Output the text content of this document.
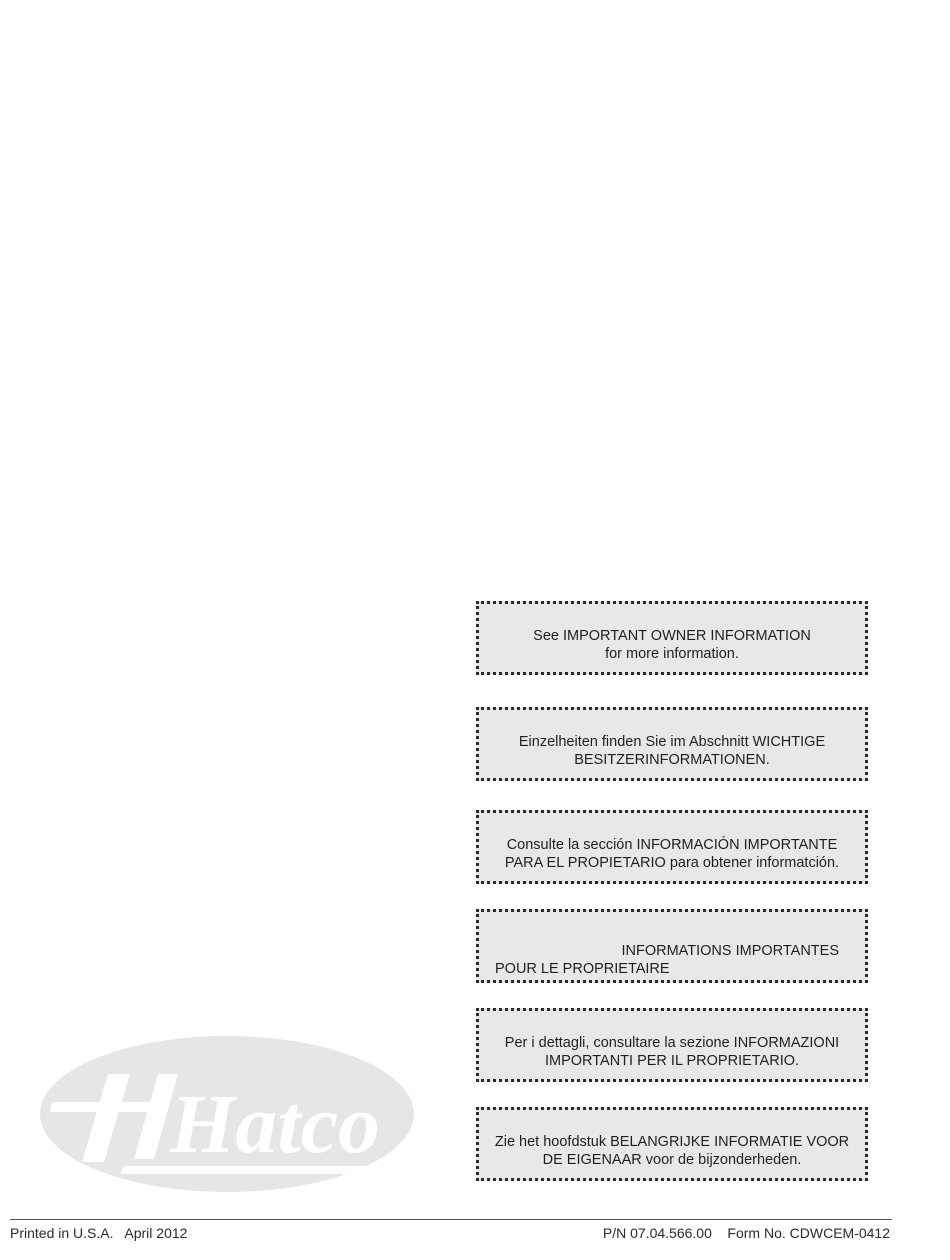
See IMPORTANT OWNER INFORMATION
for more information.
Einzelheiten finden Sie im Abschnitt WICHTIGE
BESITZERINFORMATIONEN.
Consulte la sección INFORMACIÓN IMPORTANTE
PARA EL PROPIETARIO para obtener informatción.
INFORMATIONS IMPORTANTES
POUR LE PROPRIETAIRE
Per i dettagli, consultare la sezione INFORMAZIONI
IMPORTANTI PER IL PROPRIETARIO.
Zie het hoofdstuk BELANGRIJKE INFORMATIE VOOR
DE EIGENAAR voor de bijzonderheden.
Hatco
Printed in U.S.A.   April 2012	P/N 07.04.566.00    Form No. CDWCEM-0412
